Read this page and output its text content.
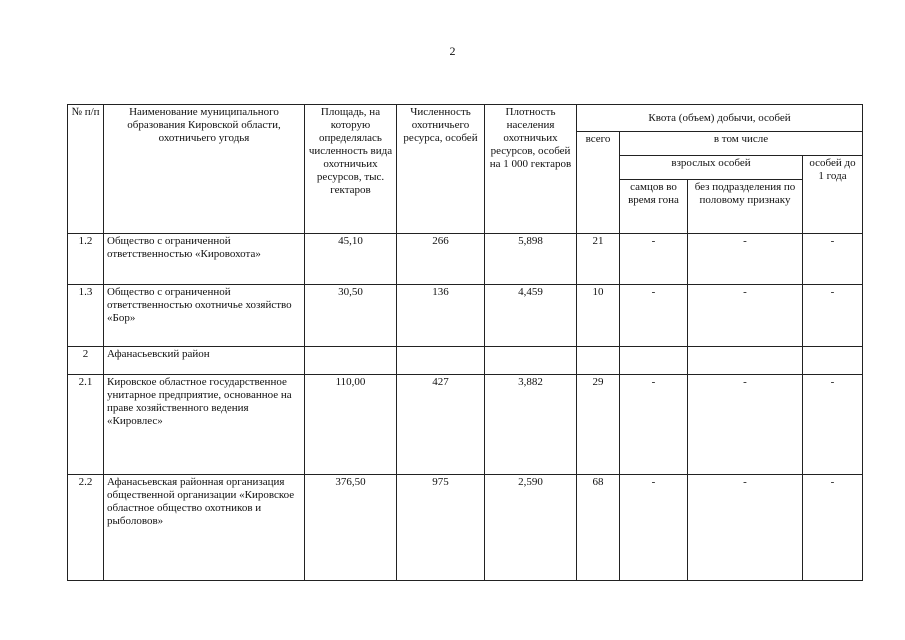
2
№ п/п	Наименование муниципального образования Кировской области, охотничьего угодья	Площадь, на которую определялась численность вида охотничьих ресурсов, тыс. гектаров	Численность охотничьего ресурса, особей	Плотность населения охотничьих ресурсов, особей на 1 000 гектаров	Квота (объем) добычи, особей			
					всего	в том числе		
						взрослых особей		особей до 1 года
						самцов во время гона	без подразделения по половому признаку	
1.2	Общество с ограниченной ответственностью «Кировохота»	45,10	266	5,898	21	-	-	-
1.3	Общество с ограниченной ответственностью охотничье хозяйство «Бор»	30,50	136	4,459	10	-	-	-
2	Афанасьевский район							
2.1	Кировское областное государственное унитарное предприятие, основанное на праве хозяйственного ведения «Кировлес»	110,00	427	3,882	29	-	-	-
2.2	Афанасьевская районная организация общественной организации «Кировское областное общество охотников и рыболовов»	376,50	975	2,590	68	-	-	-
